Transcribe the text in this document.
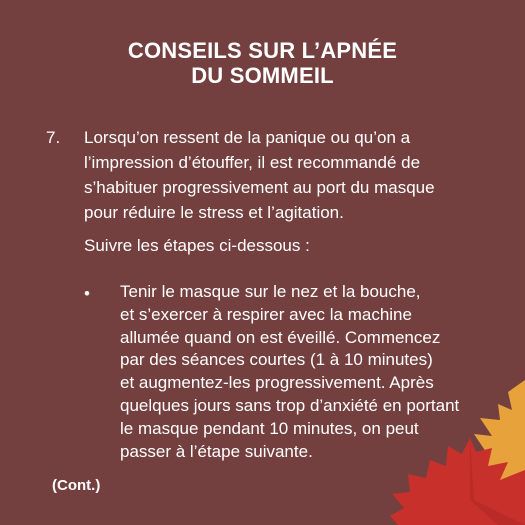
CONSEILS SUR L’APNÉE
DU SOMMEIL
7. Lorsqu’on ressent de la panique ou qu’on a
l’impression d’étouffer, il est recommandé de
s’habituer progressivement au port du masque
pour réduire le stress et l’agitation.
Suivre les étapes ci-dessous :
• Tenir le masque sur le nez et la bouche,
et s’exercer à respirer avec la machine
allumée quand on est éveillé. Commencez
par des séances courtes (1 à 10 minutes)
et augmentez-les progressivement. Après
quelques jours sans trop d’anxiété en portant
le masque pendant 10 minutes, on peut
passer à l’étape suivante.
(Cont.)
